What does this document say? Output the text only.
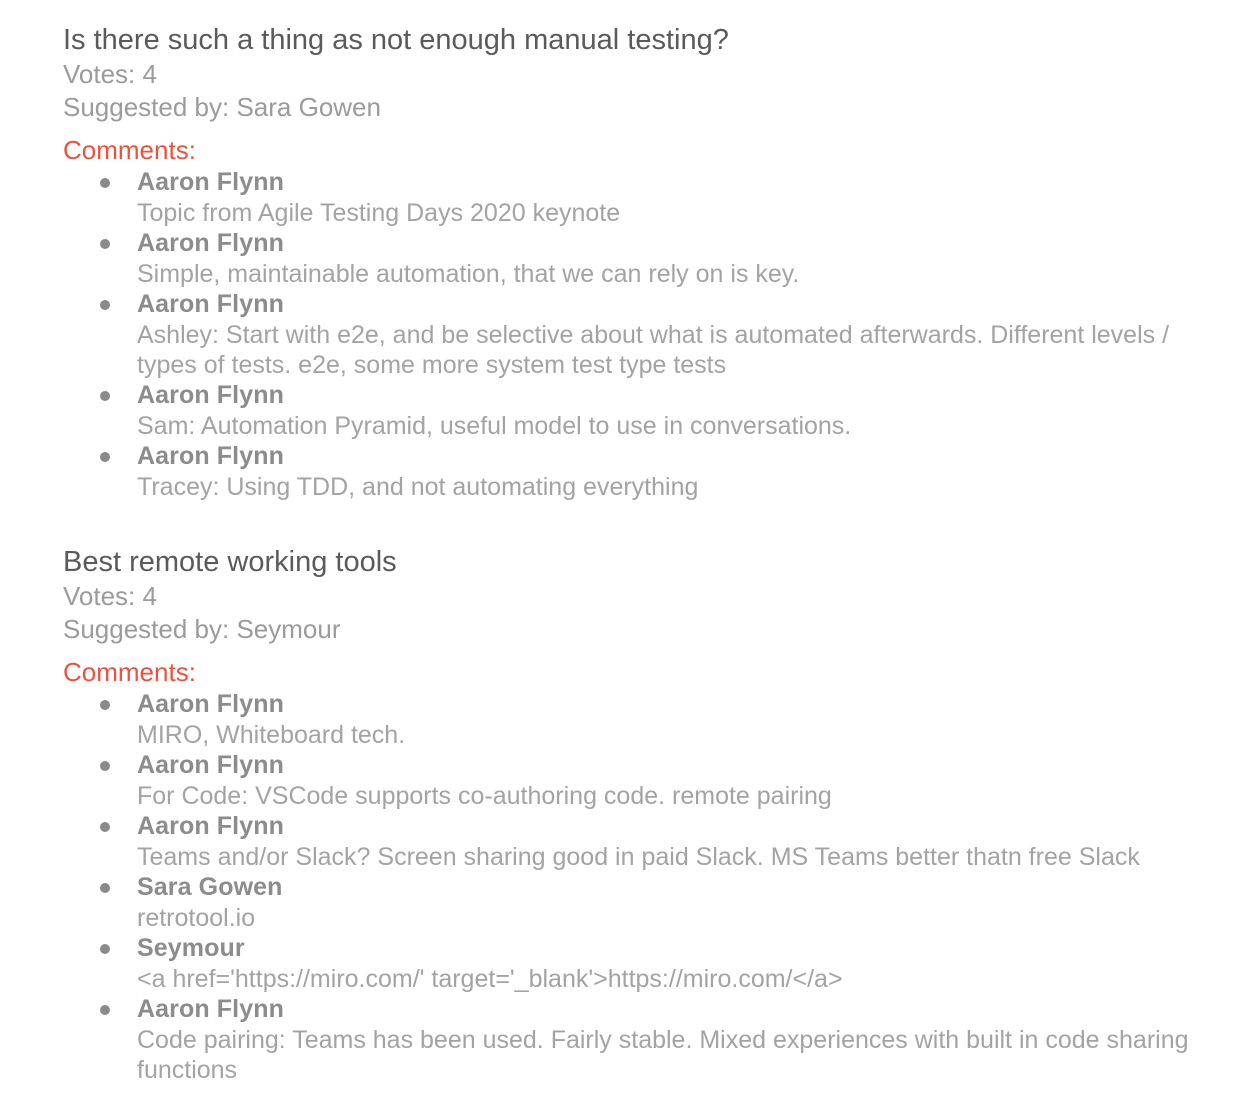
Is there such a thing as not enough manual testing?
Votes: 4
Suggested by: Sara Gowen
Comments:
Aaron Flynn
Topic from Agile Testing Days 2020 keynote
Aaron Flynn
Simple, maintainable automation, that we can rely on is key.
Aaron Flynn
Ashley: Start with e2e, and be selective about what is automated afterwards. Different levels / types of tests. e2e, some more system test type tests
Aaron Flynn
Sam: Automation Pyramid, useful model to use in conversations.
Aaron Flynn
Tracey: Using TDD, and not automating everything
Best remote working tools
Votes: 4
Suggested by: Seymour
Comments:
Aaron Flynn
MIRO, Whiteboard tech.
Aaron Flynn
For Code: VSCode supports co-authoring code. remote pairing
Aaron Flynn
Teams and/or Slack? Screen sharing good in paid Slack. MS Teams better thatn free Slack
Sara Gowen
retrotool.io
Seymour
<a href='https://miro.com/' target='_blank'>https://miro.com/</a>
Aaron Flynn
Code pairing: Teams has been used. Fairly stable. Mixed experiences with built in code sharing functions
